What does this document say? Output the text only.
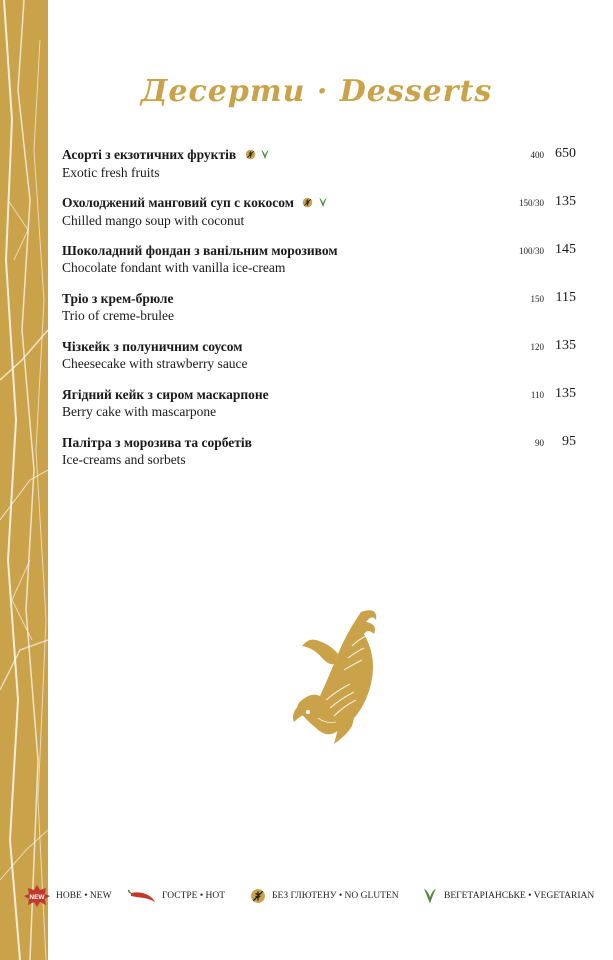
Десерти · Desserts
Асорті з екзотичних фруктів
Exotic fresh fruits
400 650
Охолоджений манговий суп с кокосом
Chilled mango soup with coconut
150/30 135
Шоколадний фондан з ванільним морозивом
Chocolate fondant with vanilla ice-cream
100/30 145
Тріо з крем-брюле
Trio of creme-brulee
150 115
Чізкейк з полуничним соусом
Cheesecake with strawberry sauce
120 135
Ягідний кейк з сиром маскарпоне
Berry cake with mascarpone
110 135
Палітра з морозива та сорбетів
Ice-creams and sorbets
90 95
NEW НОВЕ • NEW	ГОСТРЕ • HOT	БЕЗ ГЛЮТЕНУ • NO GLUTEN	ВЕГЕТАРІАНСЬКЕ • VEGETARIAN
